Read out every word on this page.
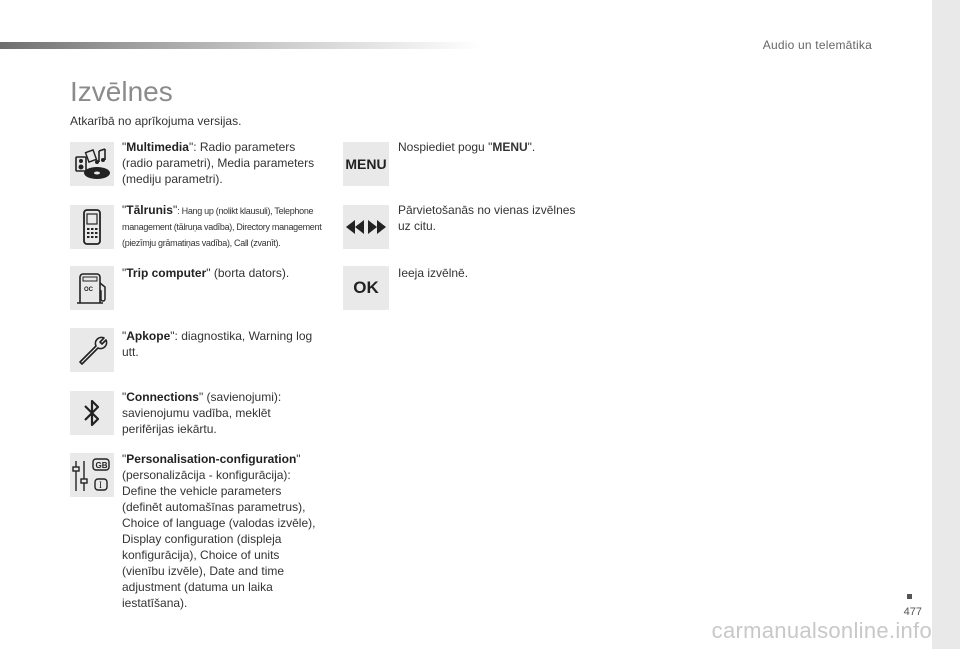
Audio un telemātika
Izvēlnes
Atkarībā no aprīkojuma versijas.
"Multimedia": Radio parameters (radio parametri), Media parameters (mediju parametri).
"Tālrunis": Hang up (nolikt klausuli), Telephone management (tālruņa vadība), Directory management (piezīmju grāmatiņas vadība), Call (zvanīt).
OC
"Trip computer" (borta dators).
"Apkope": diagnostika, Warning log utt.
"Connections" (savienojumi): savienojumu vadība, meklēt perifērijas iekārtu.
GB
I
"Personalisation-configuration" (personalizācija - konfigurācija): Define the vehicle parameters (definēt automašīnas parametrus), Choice of language (valodas izvēle), Display configuration (displeja konfigurācija), Choice of units (vienību izvēle), Date and time adjustment (datuma un laika iestatīšana).
MENU
Nospiediet pogu "MENU".
Pārvietošanās no vienas izvēlnes uz citu.
OK
Ieeja izvēlnē.
477
carmanualsonline.info
